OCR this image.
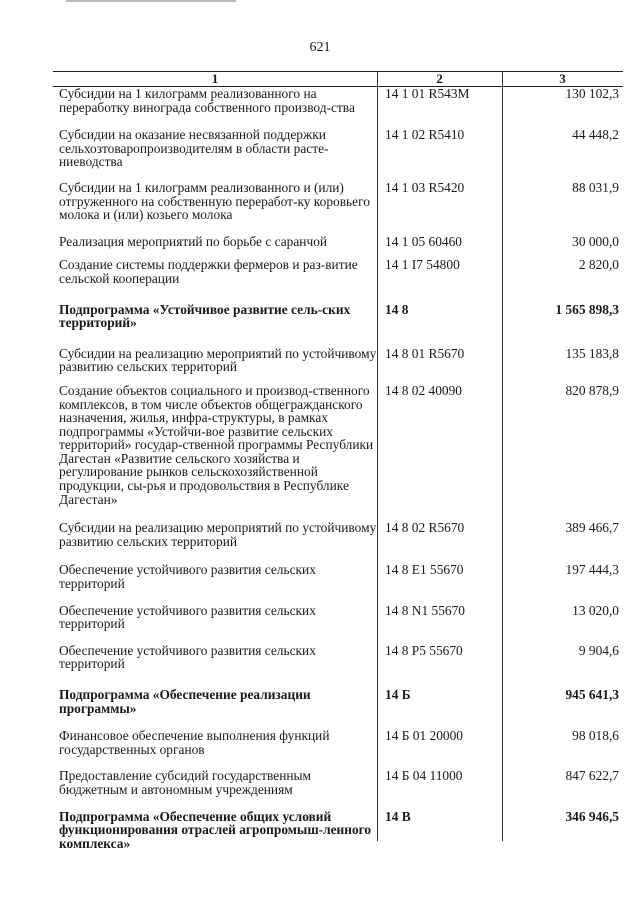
621
1	2	3
Субсидии на 1 килограмм реализованного на переработку винограда собственного производ-ства
14 1 01 R543M	130 102,3
Субсидии на оказание несвязанной поддержки сельхозтоваропроизводителям в области расте-ниеводства
14 1 02 R5410	44 448,2
Субсидии на 1 килограмм реализованного и (или) отгруженного на собственную переработ-ку коровьего молока и (или) козьего молока
14 1 03 R5420	88 031,9
Реализация мероприятий по борьбе с саранчой	14 1 05 60460	30 000,0
Создание системы поддержки фермеров и раз-витие сельской кооперации
14 1 I7 54800	2 820,0
Подпрограмма «Устойчивое развитие сель-ских территорий»
14 8	1 565 898,3
Субсидии на реализацию мероприятий по устойчивому развитию сельских территорий
14 8 01 R5670	135 183,8
Создание объектов социального и производ-ственного комплексов, в том числе объектов общегражданского назначения, жилья, инфра-структуры, в рамках подпрограммы «Устойчи-вое развитие сельских территорий» государ-ственной программы Республики Дагестан «Развитие сельского хозяйства и регулирование рынков сельскохозяйственной продукции, сы-рья и продовольствия в Республике Дагестан»
14 8 02 40090	820 878,9
Субсидии на реализацию мероприятий по устойчивому развитию сельских территорий
14 8 02 R5670	389 466,7
Обеспечение устойчивого развития сельских территорий
14 8 E1 55670	197 444,3
Обеспечение устойчивого развития сельских территорий
14 8 N1 55670	13 020,0
Обеспечение устойчивого развития сельских территорий
14 8 P5 55670	9 904,6
Подпрограмма «Обеспечение реализации программы»
14 Б	945 641,3
Финансовое обеспечение выполнения функций государственных органов
14 Б 01 20000	98 018,6
Предоставление субсидий государственным бюджетным и автономным учреждениям
14 Б 04 11000	847 622,7
Подпрограмма «Обеспечение общих условий функционирования отраслей агропромыш-ленного комплекса»
14 В	346 946,5
